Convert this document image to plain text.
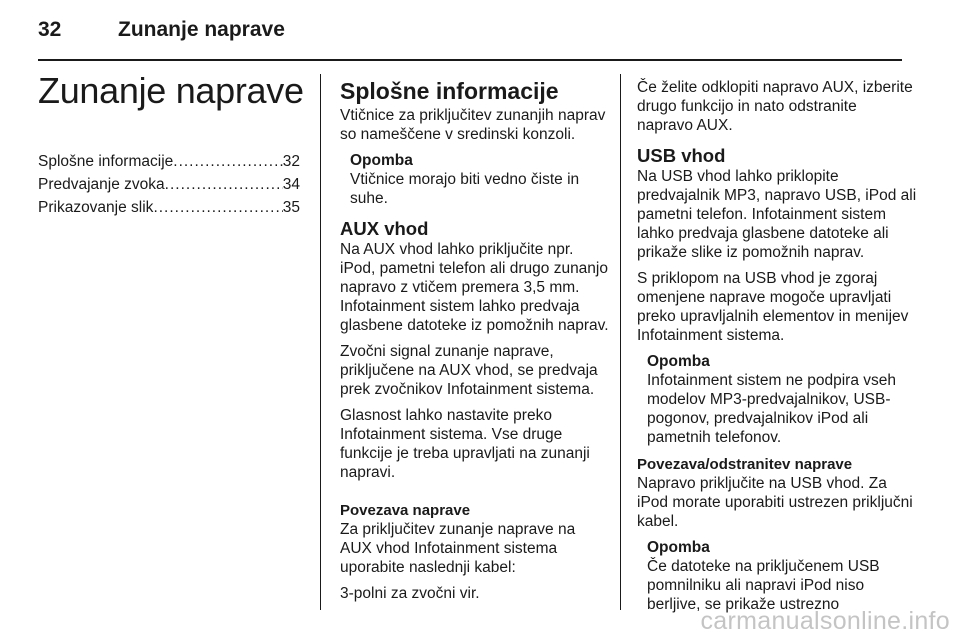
32	Zunanje naprave
Zunanje naprave
Splošne informacije .....	32
Predvajanje zvoka .....	34
Prikazovanje slik .....	35
Splošne informacije

Vtičnice za priključitev zunanjih naprav so nameščene v sredinski konzoli.

Opomba

Vtičnice morajo biti vedno čiste in suhe.

AUX vhod

Na AUX vhod lahko priključite npr. iPod, pametni telefon ali drugo zunanjo napravo z vtičem premera 3,5 mm. Infotainment sistem lahko predvaja glasbene datoteke iz pomožnih naprav.

Zvočni signal zunanje naprave, priključene na AUX vhod, se predvaja prek zvočnikov Infotainment sistema.

Glasnost lahko nastavite preko Infotainment sistema. Vse druge funkcije je treba upravljati na zunanji napravi.

Povezava naprave

Za priključitev zunanje naprave na AUX vhod Infotainment sistema uporabite naslednji kabel:

3-polni za zvočni vir.

Če želite odklopiti napravo AUX, izberite drugo funkcijo in nato odstranite napravo AUX.

USB vhod

Na USB vhod lahko priklopite predvajalnik MP3, napravo USB, iPod ali pametni telefon. Infotainment sistem lahko predvaja glasbene datoteke ali prikaže slike iz pomožnih naprav.

S priklopom na USB vhod je zgoraj omenjene naprave mogoče upravljati preko upravljalnih elementov in menijev Infotainment sistema.

Opomba

Infotainment sistem ne podpira vseh modelov MP3-predvajalnikov, USB-pogonov, predvajalnikov iPod ali pametnih telefonov.

Povezava/odstranitev naprave

Napravo priključite na USB vhod. Za iPod morate uporabiti ustrezen priključni kabel.

Opomba

Če datoteke na priključenem USB pomnilniku ali napravi iPod niso berljive, se prikaže ustrezno

carmanualsonline.info
